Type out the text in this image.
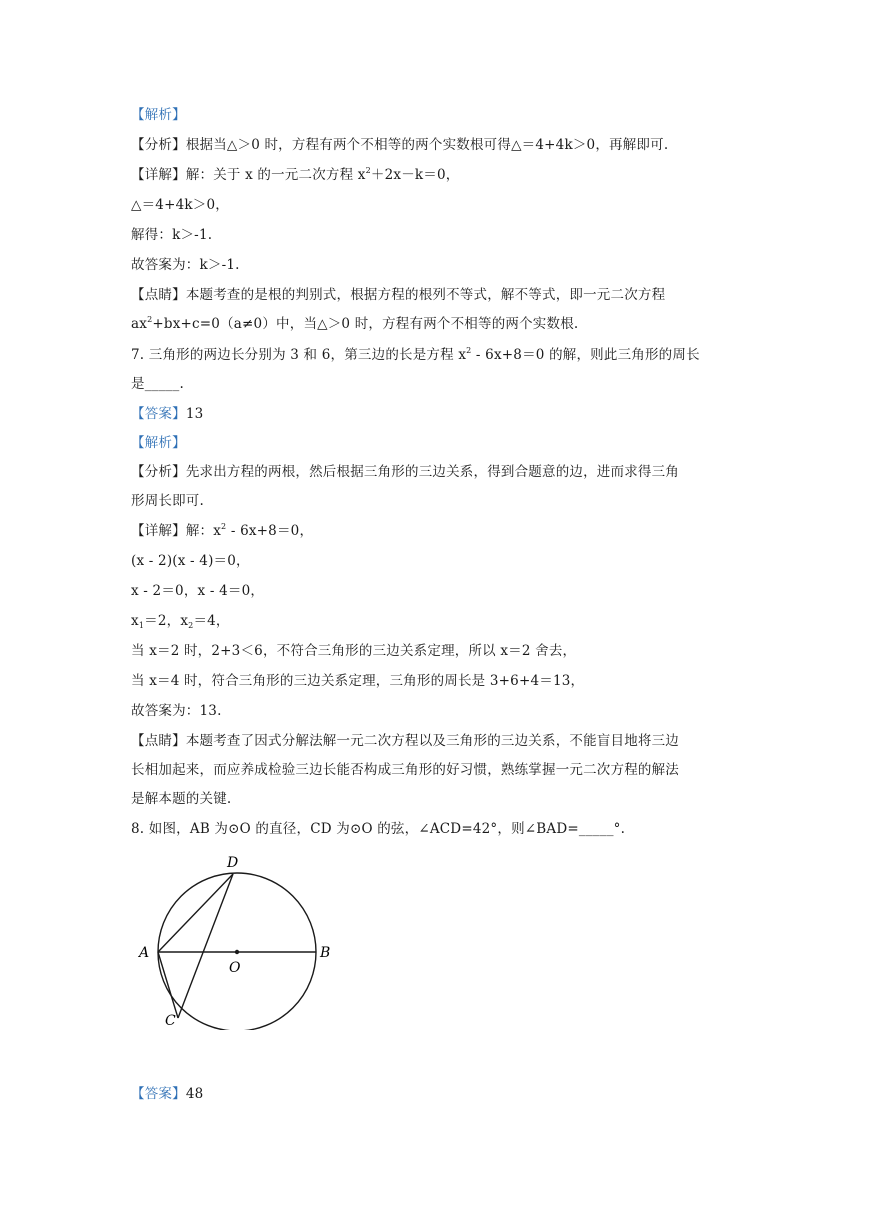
【解析】
【分析】根据当△＞0 时，方程有两个不相等的两个实数根可得△＝4+4k＞0，再解即可.
【详解】解：关于 x 的一元二次方程 $x^2+2x-k=0$，
△＝4+4k＞0，
解得：k＞-1.
故答案为：k＞-1.
【点睛】本题考查的是根的判别式，根据方程的根列不等式，解不等式，即一元二次方程
$ax^2+bx+c=0(a\ne 0)$中，当△＞0 时，方程有两个不相等的两个实数根.
7. 三角形的两边长分别为 3 和 6，第三边的长是方程 $x^2 - 6x+8=0$ 的解，则此三角形的周长
是_____.
【答案】13
【解析】
【分析】先求出方程的两根，然后根据三角形的三边关系，得到合题意的边，进而求得三角
形周长即可.
【详解】解：$x^2 - 6x+8=0$，
(x - 2)(x - 4)＝0，
x - 2＝0，x - 4＝0，
$x_1=2$，$x_2=4$，
当 x＝2 时，2+3＜6，不符合三角形的三边关系定理，所以 x＝2 舍去，
当 x＝4 时，符合三角形的三边关系定理，三角形的周长是 3+6+4＝13，
故答案为：13.
【点睛】本题考查了因式分解法解一元二次方程以及三角形的三边关系，不能盲目地将三边
长相加起来，而应养成检验三边长能否构成三角形的好习惯，熟练掌握一元二次方程的解法
是解本题的关键.
8. 如图，AB 为⊙O 的直径，CD 为⊙O 的弦，∠ACD=42°，则∠BAD=_____°.
D
A	B
O
C
【答案】48
